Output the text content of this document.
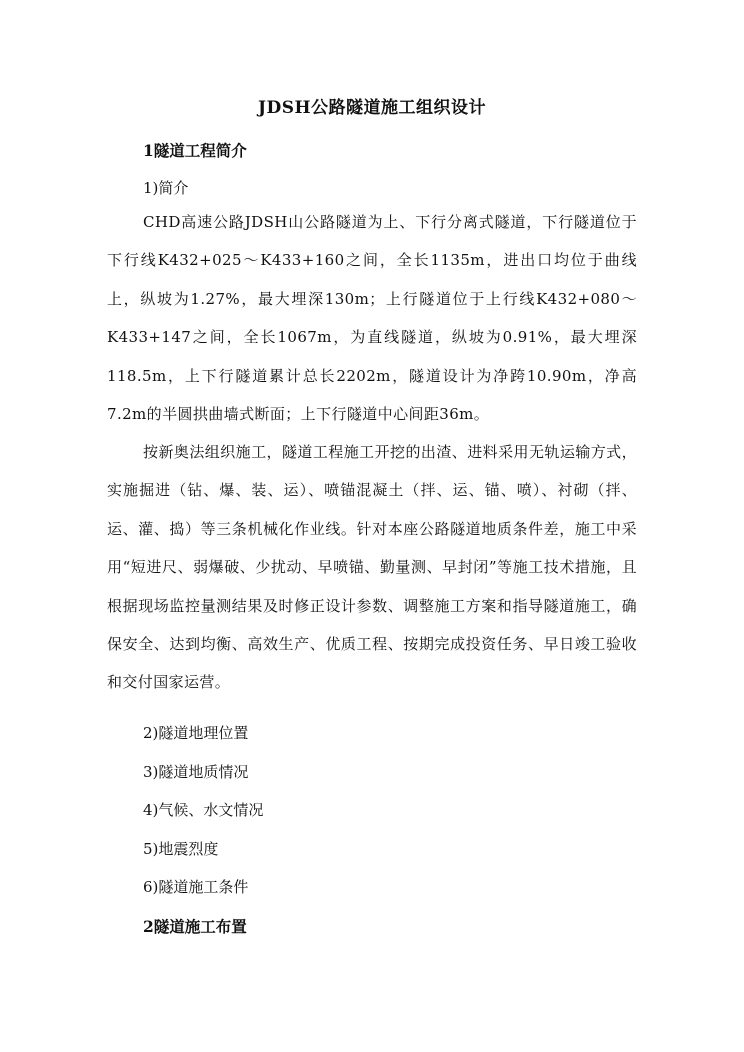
JDSH公路隧道施工组织设计
1隧道工程简介
1)简介

CHD高速公路JDSH山公路隧道为上、下行分离式隧道，下行隧道位于下行线K432+025～K433+160之间，全长1135m，进出口均位于曲线上，纵坡为1.27%，最大埋深130m；上行隧道位于上行线K432+080～K433+147之间，全长1067m，为直线隧道，纵坡为0.91%，最大埋深118.5m，上下行隧道累计总长2202m，隧道设计为净跨10.90m，净高7.2m的半圆拱曲墙式断面；上下行隧道中心间距36m。

按新奥法组织施工，隧道工程施工开挖的出渣、进料采用无轨运输方式，实施掘进（钻、爆、装、运）、喷锚混凝土（拌、运、锚、喷）、衬砌（拌、运、灌、捣）等三条机械化作业线。针对本座公路隧道地质条件差，施工中采用“短进尺、弱爆破、少扰动、早喷锚、勤量测、早封闭”等施工技术措施，且根据现场监控量测结果及时修正设计参数、调整施工方案和指导隧道施工，确保安全、达到均衡、高效生产、优质工程、按期完成投资任务、早日竣工验收和交付国家运营。

2)隧道地理位置
3)隧道地质情况
4)气候、水文情况
5)地震烈度
6)隧道施工条件
2隧道施工布置
